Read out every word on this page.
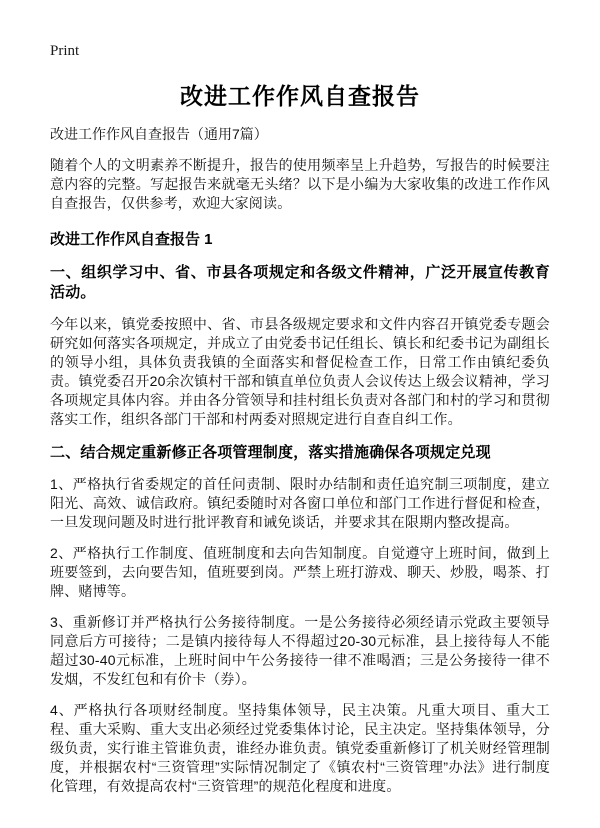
Print
改进工作作风自查报告

改进工作作风自查报告（通用7篇）

随着个人的文明素养不断提升，报告的使用频率呈上升趋势，写报告的时候要注意内容的完整。写起报告来就毫无头绪？以下是小编为大家收集的改进工作作风自查报告，仅供参考，欢迎大家阅读。

改进工作作风自查报告 1
一、组织学习中、省、市县各项规定和各级文件精神，广泛开展宣传教育活动。

今年以来，镇党委按照中、省、市县各级规定要求和文件内容召开镇党委专题会研究如何落实各项规定，并成立了由党委书记任组长、镇长和纪委书记为副组长的领导小组，具体负责我镇的全面落实和督促检查工作，日常工作由镇纪委负责。镇党委召开20余次镇村干部和镇直单位负责人会议传达上级会议精神，学习各项规定具体内容。并由各分管领导和挂村组长负责对各部门和村的学习和贯彻落实工作，组织各部门干部和村两委对照规定进行自查自纠工作。

二、结合规定重新修正各项管理制度，落实措施确保各项规定兑现

1、严格执行省委规定的首任问责制、限时办结制和责任追究制三项制度，建立阳光、高效、诚信政府。镇纪委随时对各窗口单位和部门工作进行督促和检查，一旦发现问题及时进行批评教育和诫免谈话，并要求其在限期内整改提高。

2、严格执行工作制度、值班制度和去向告知制度。自觉遵守上班时间，做到上班要签到，去向要告知，值班要到岗。严禁上班打游戏、聊天、炒股，喝茶、打牌、赌博等。

3、重新修订并严格执行公务接待制度。一是公务接待必须经请示党政主要领导同意后方可接待；二是镇内接待每人不得超过20-30元标准，县上接待每人不能超过30-40元标准，上班时间中午公务接待一律不准喝酒；三是公务接待一律不发烟，不发红包和有价卡（券）。

4、严格执行各项财经制度。坚持集体领导，民主决策。凡重大项目、重大工程、重大采购、重大支出必须经过党委集体讨论，民主决定。坚持集体领导，分级负责，实行谁主管谁负责，谁经办谁负责。镇党委重新修订了机关财经管理制度，并根据农村“三资管理”实际情况制定了《镇农村“三资管理”办法》进行制度化管理，有效提高农村“三资管理”的规范化程度和进度。
